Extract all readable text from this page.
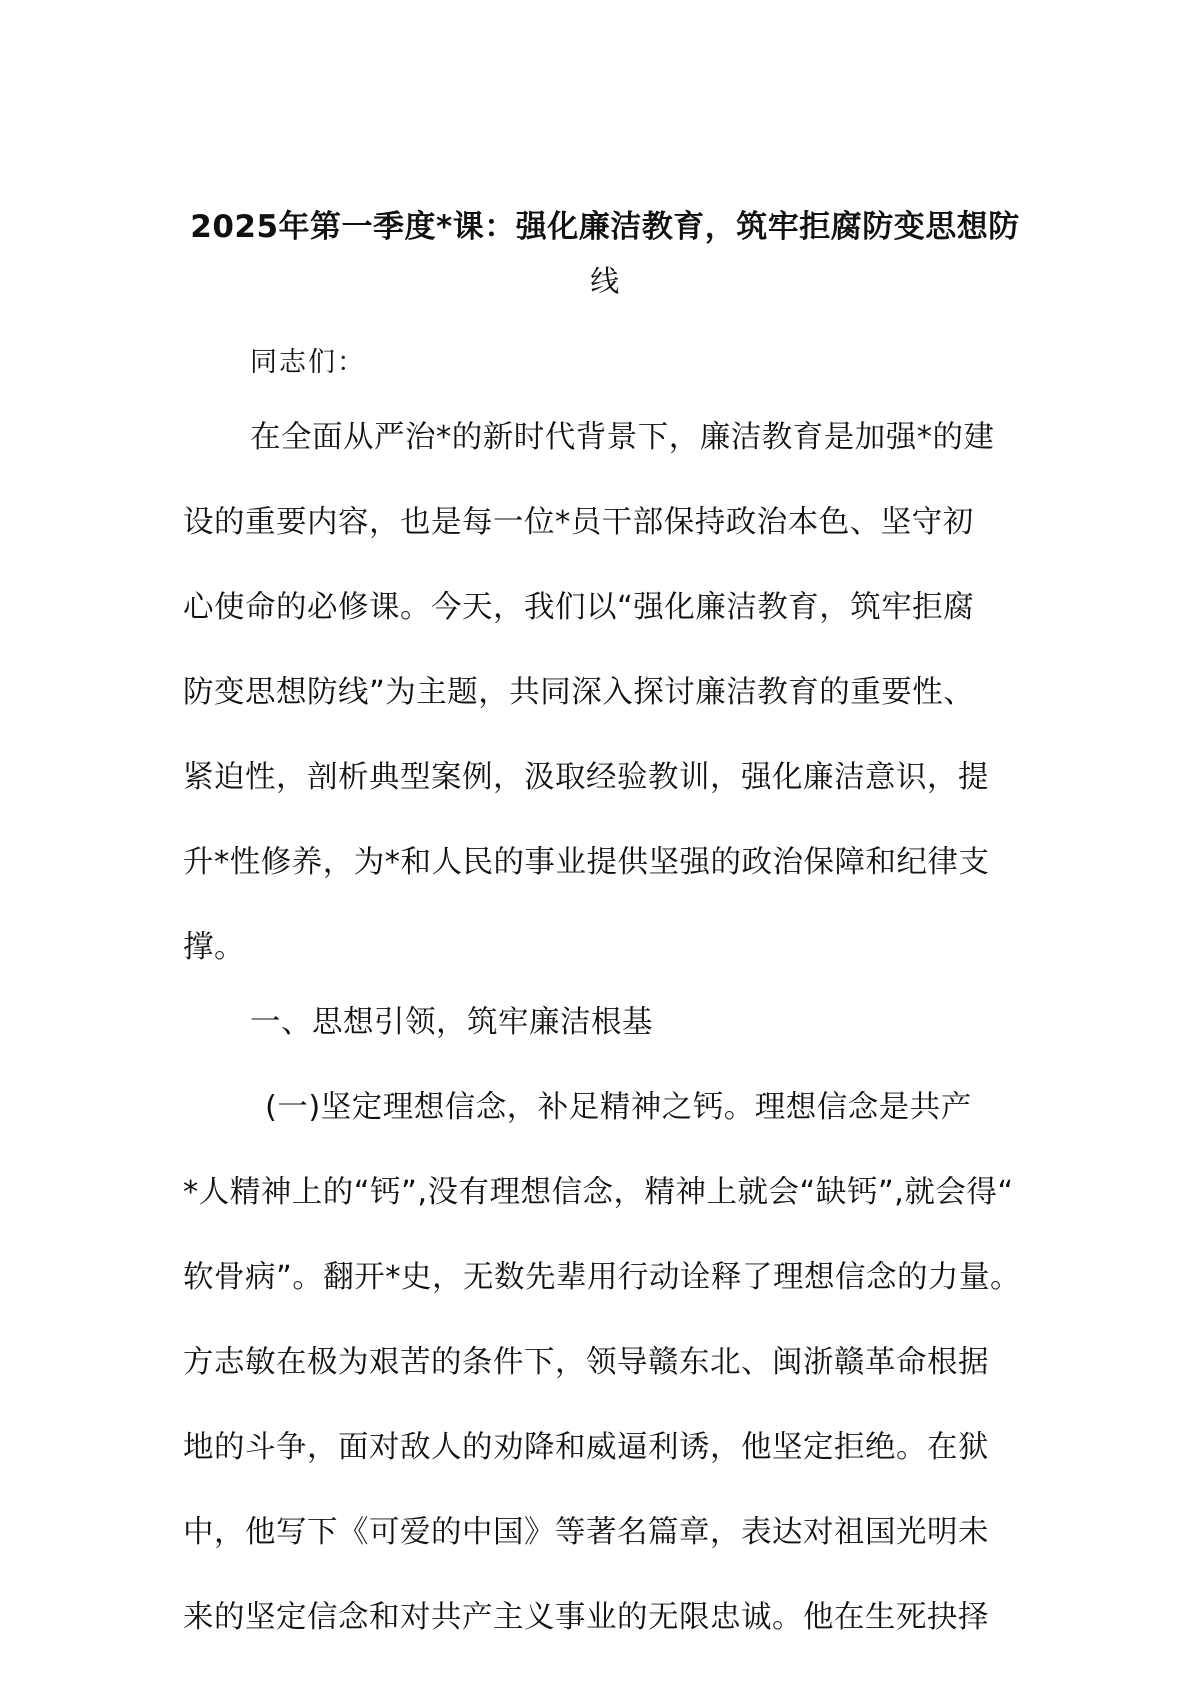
2025年第一季度*课：强化廉洁教育，筑牢拒腐防变思想防
线

同志们：

在全面从严治*的新时代背景下，廉洁教育是加强*的建
设的重要内容，也是每一位*员干部保持政治本色、坚守初
心使命的必修课。今天，我们以“强化廉洁教育，筑牢拒腐
防变思想防线”为主题，共同深入探讨廉洁教育的重要性、
紧迫性，剖析典型案例，汲取经验教训，强化廉洁意识，提
升*性修养，为*和人民的事业提供坚强的政治保障和纪律支
撑。

一、思想引领，筑牢廉洁根基

(一)坚定理想信念，补足精神之钙。理想信念是共产
*人精神上的“钙”,没有理想信念，精神上就会“缺钙”,就会得“
软骨病”。翻开*史，无数先辈用行动诠释了理想信念的力量。
方志敏在极为艰苦的条件下，领导赣东北、闽浙赣革命根据
地的斗争，面对敌人的劝降和威逼利诱，他坚定拒绝。在狱
中，他写下《可爱的中国》等著名篇章，表达对祖国光明未
来的坚定信念和对共产主义事业的无限忠诚。他在生死抉择
